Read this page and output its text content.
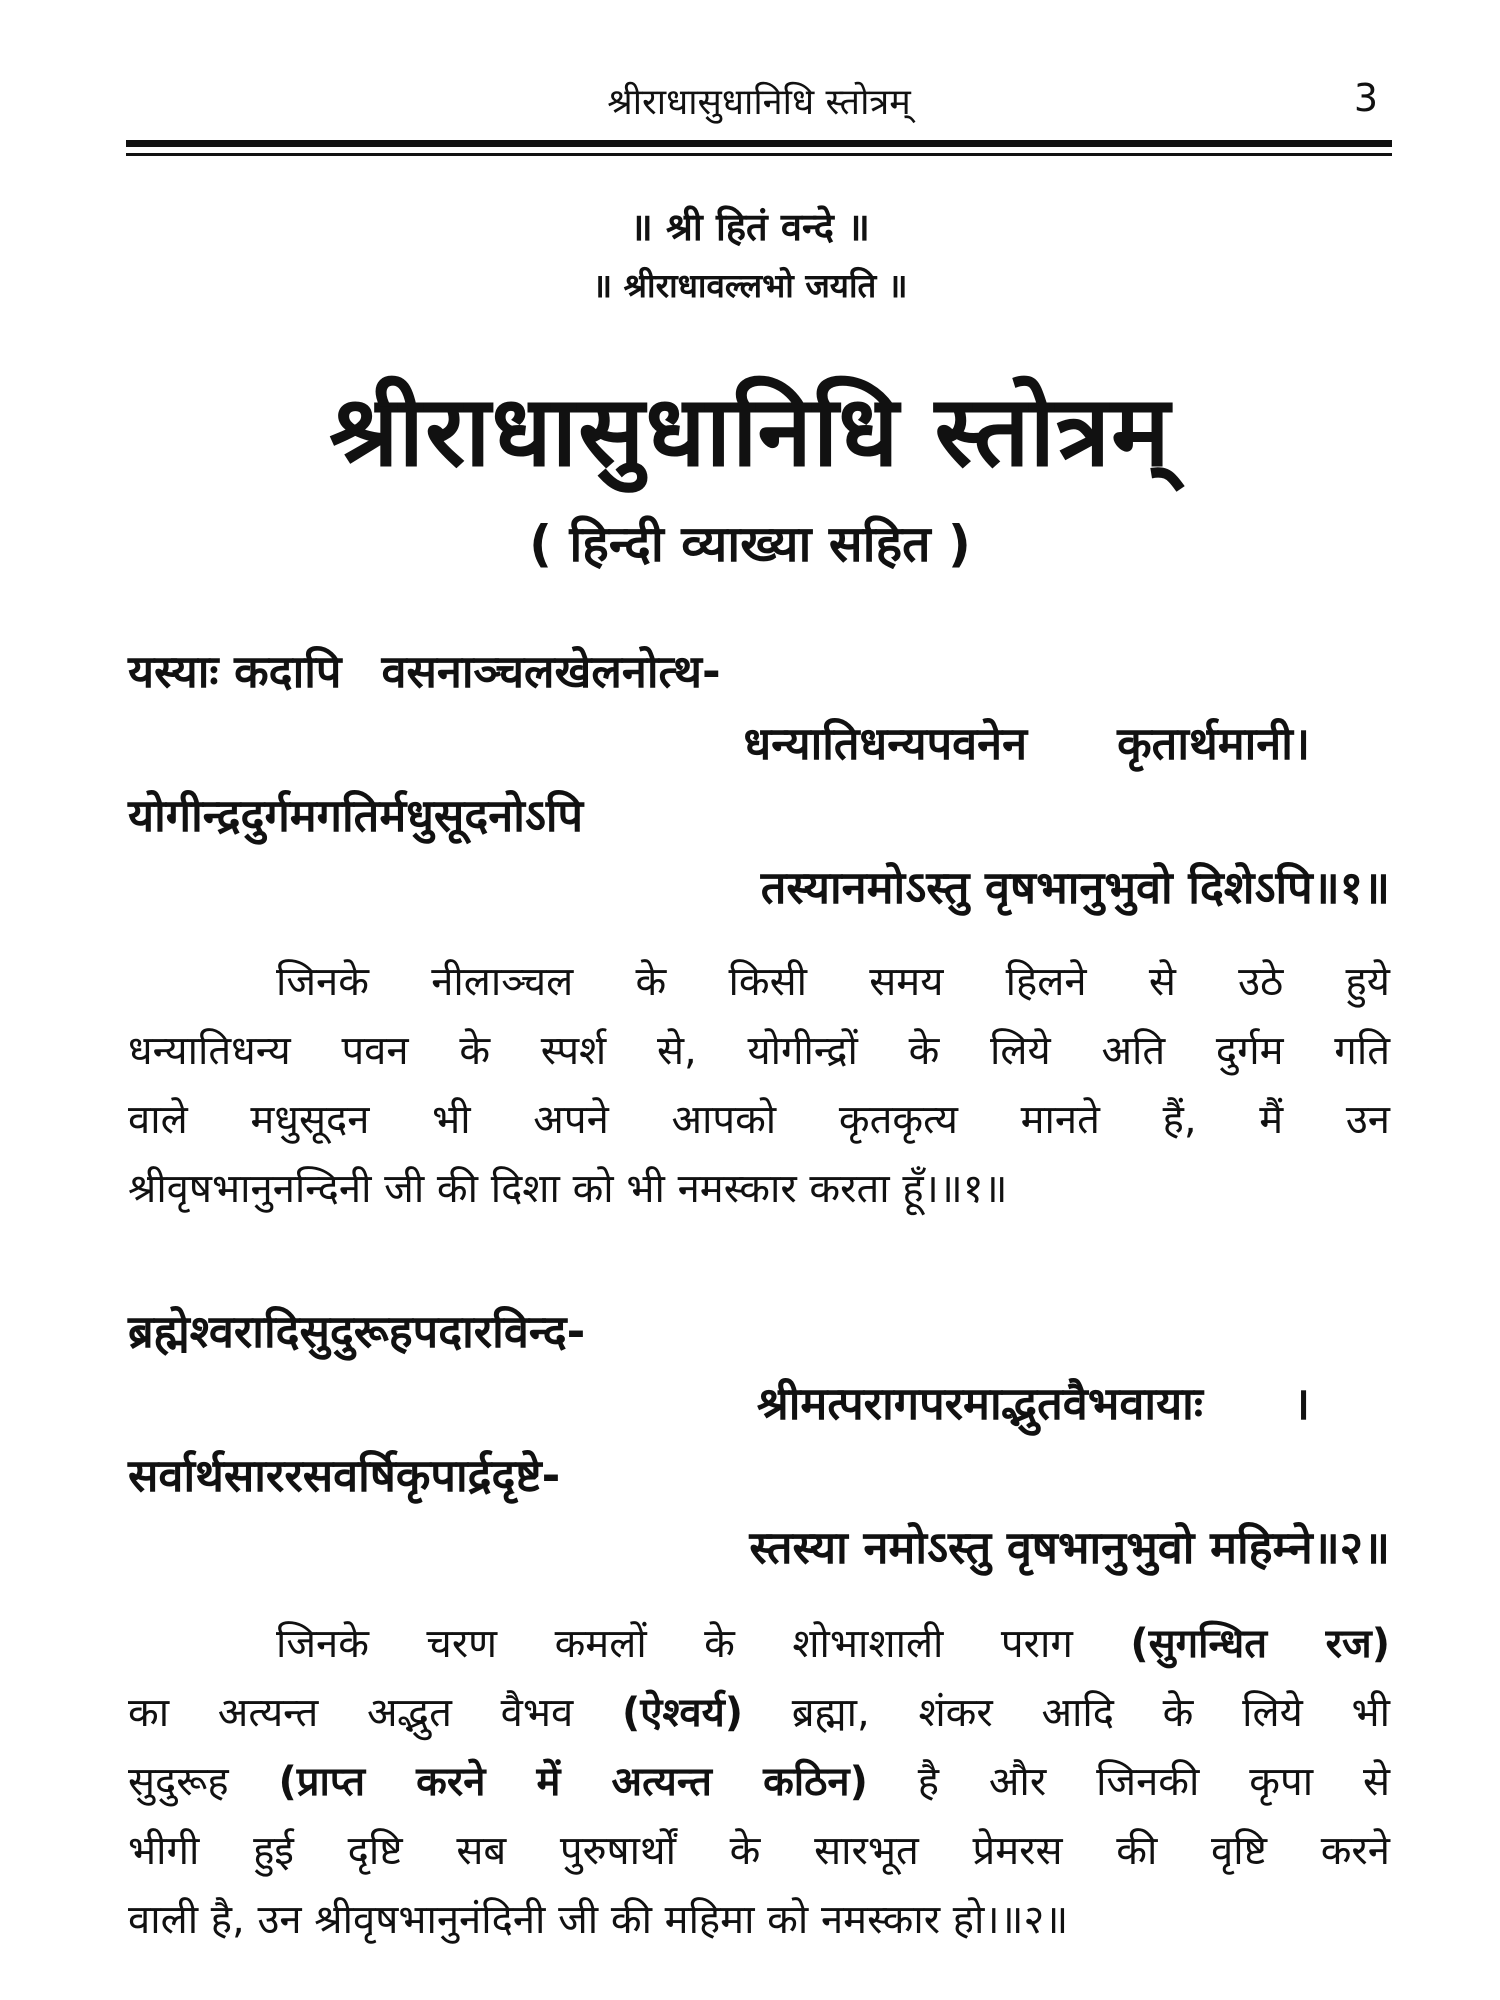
श्रीराधासुधानिधि स्तोत्रम्	3
॥ श्री हितं वन्दे ॥
॥ श्रीराधावल्लभो जयति ॥
श्रीराधासुधानिधि स्तोत्रम्
( हिन्दी व्याख्या सहित )
यस्याः कदापि वसनाञ्चलखेलनोत्थ-
धन्यातिधन्यपवनेन कृतार्थमानी।
योगीन्द्रदुर्गमगतिर्मधुसूदनोऽपि
तस्यानमोऽस्तु वृषभानुभुवो दिशेऽपि॥१॥
जिनके नीलाञ्चल के किसी समय हिलने से उठे हुये
धन्यातिधन्य पवन के स्पर्श से, योगीन्द्रों के लिये अति दुर्गम गति
वाले मधुसूदन भी अपने आपको कृतकृत्य मानते हैं, मैं उन
श्रीवृषभानुनन्दिनी जी की दिशा को भी नमस्कार करता हूँ।॥१॥
ब्रह्मेश्वरादिसुदुरूहपदारविन्द-
श्रीमत्परागपरमाद्भुतवैभवायाः ।
सर्वार्थसाररसवर्षिकृपार्द्रदृष्टे-
स्तस्या नमोऽस्तु वृषभानुभुवो महिम्ने॥२॥
जिनके चरण कमलों के शोभाशाली पराग (सुगन्धित रज)
का अत्यन्त अद्भुत वैभव (ऐश्वर्य) ब्रह्मा, शंकर आदि के लिये भी
सुदुरूह (प्राप्त करने में अत्यन्त कठिन) है और जिनकी कृपा से
भीगी हुई दृष्टि सब पुरुषार्थों के सारभूत प्रेमरस की वृष्टि करने
वाली है, उन श्रीवृषभानुनंदिनी जी की महिमा को नमस्कार हो।॥२॥
